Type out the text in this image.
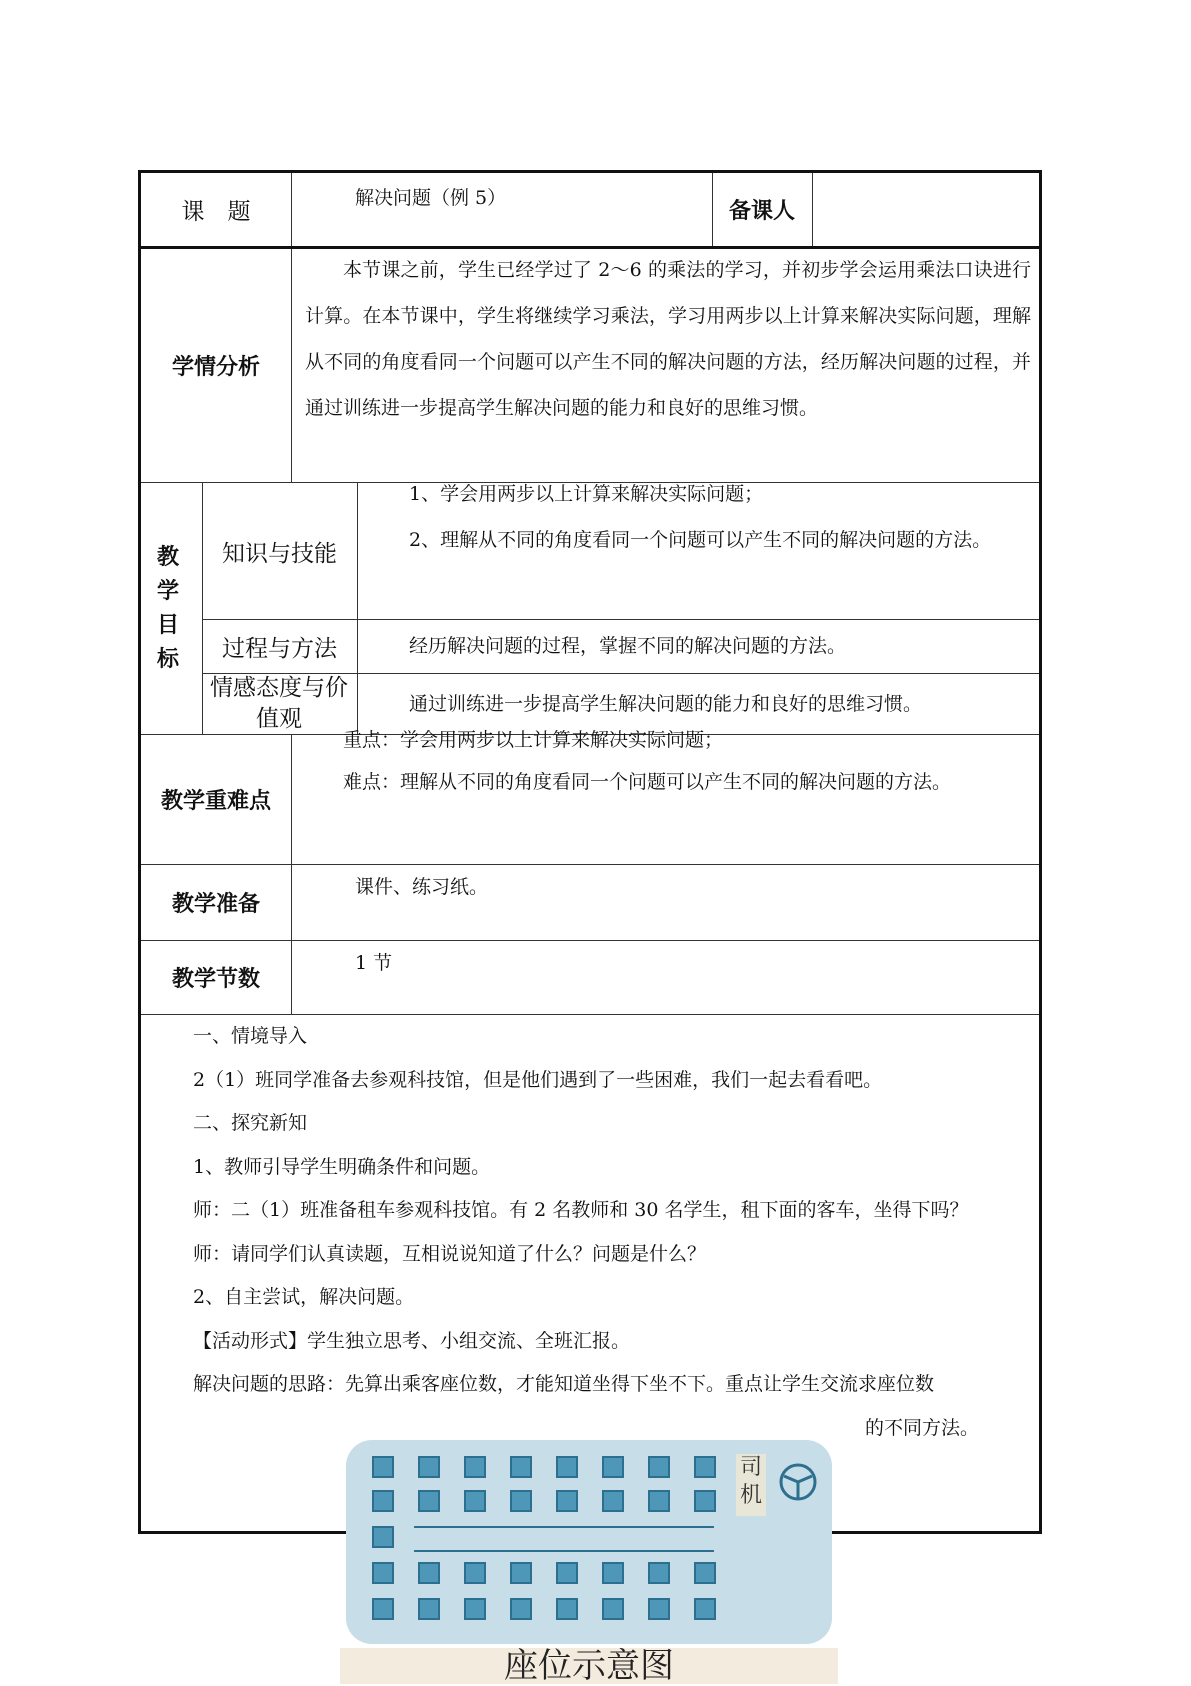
课　题
解决问题（例 5）
备课人
学情分析
本节课之前，学生已经学过了 2～6 的乘法的学习，并初步学会运用乘法口诀进行计算。在本节课中，学生将继续学习乘法，学习用两步以上计算来解决实际问题，理解从不同的角度看同一个问题可以产生不同的解决问题的方法，经历解决问题的过程，并通过训练进一步提高学生解决问题的能力和良好的思维习惯。
教学目标
知识与技能

1、学会用两步以上计算来解决实际问题；

2、理解从不同的角度看同一个问题可以产生不同的解决问题的方法。

过程与方法	经历解决问题的过程，掌握不同的解决问题的方法。
情感态度与价值观
通过训练进一步提高学生解决问题的能力和良好的思维习惯。
教学重难点

重点：学会用两步以上计算来解决实际问题；

难点：理解从不同的角度看同一个问题可以产生不同的解决问题的方法。

教学准备
课件、练习纸。
教学节数
1 节

一、情境导入

2（1）班同学准备去参观科技馆，但是他们遇到了一些困难，我们一起去看看吧。

二、探究新知

1、教师引导学生明确条件和问题。

师：二（1）班准备租车参观科技馆。有 2 名教师和 30 名学生，租下面的客车，坐得下吗？

师：请同学们认真读题，互相说说知道了什么？问题是什么？

2、自主尝试，解决问题。

【活动形式】学生独立思考、小组交流、全班汇报。

解决问题的思路：先算出乘客座位数，才能知道坐得下坐不下。重点让学生交流求座位数

的不同方法。

司机
座位示意图
